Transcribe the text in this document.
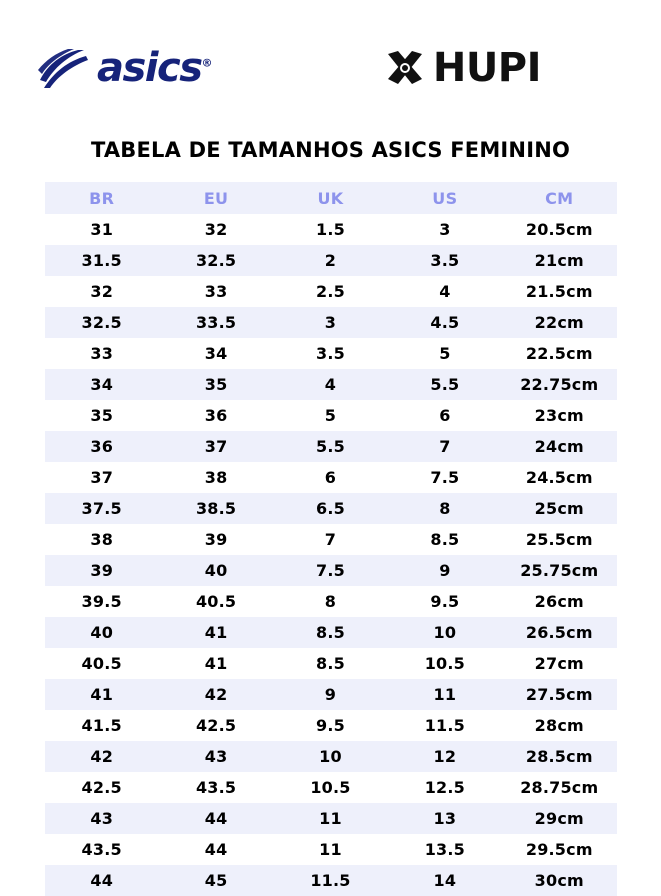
asics®	HUPI
TABELA DE TAMANHOS ASICS FEMININO
BR	EU	UK	US	CM
31	32	1.5	3	20.5cm
31.5	32.5	2	3.5	21cm
32	33	2.5	4	21.5cm
32.5	33.5	3	4.5	22cm
33	34	3.5	5	22.5cm
34	35	4	5.5	22.75cm
35	36	5	6	23cm
36	37	5.5	7	24cm
37	38	6	7.5	24.5cm
37.5	38.5	6.5	8	25cm
38	39	7	8.5	25.5cm
39	40	7.5	9	25.75cm
39.5	40.5	8	9.5	26cm
40	41	8.5	10	26.5cm
40.5	41	8.5	10.5	27cm
41	42	9	11	27.5cm
41.5	42.5	9.5	11.5	28cm
42	43	10	12	28.5cm
42.5	43.5	10.5	12.5	28.75cm
43	44	11	13	29cm
43.5	44	11	13.5	29.5cm
44	45	11.5	14	30cm
